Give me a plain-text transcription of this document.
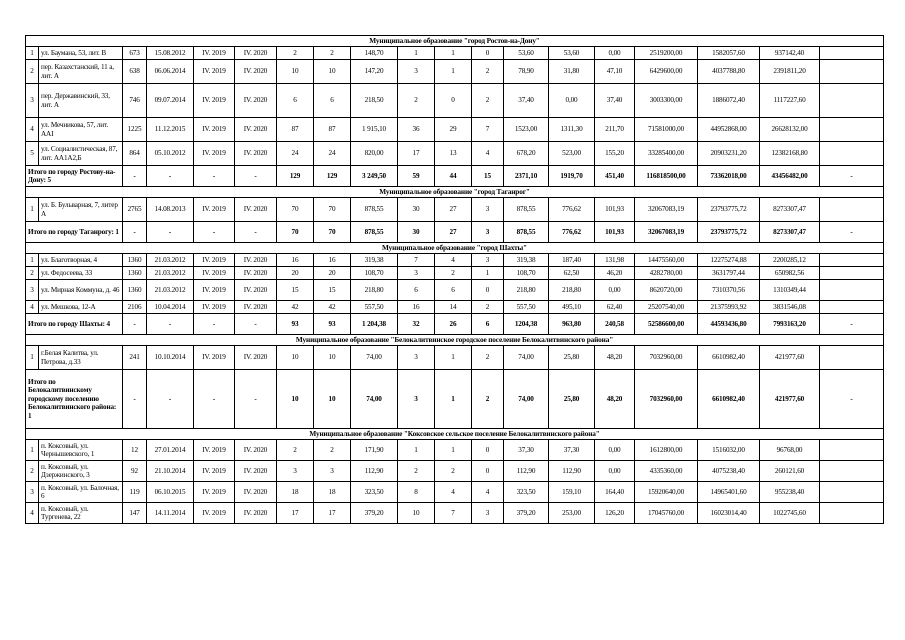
Муниципальное образование "город Ростов-на-Дону"																		
1	ул. Баумана, 53, лит. В	673	15.08.2012	IV. 2019	IV. 2020	2	2	148,70	1	1	0	53,60	53,60	0,00	2519200,00	1582057,60	937142,40	
2	пер. Казахстанский, 11 а, лит. А	638	06.06.2014	IV. 2019	IV. 2020	10	10	147,20	3	1	2	78,90	31,80	47,10	6429600,00	4037788,80	2391811,20	
3	пер. Державинский, 33, лит. А	746	09.07.2014	IV. 2019	IV. 2020	6	6	218,50	2	0	2	37,40	0,00	37,40	3003300,00	1886072,40	1117227,60	
4	ул. Мечникова, 57, лит. ААI	1225	11.12.2015	IV. 2019	IV. 2020	87	87	1 915,10	36	29	7	1523,00	1311,30	211,70	71581000,00	44952868,00	26628132,00	
5	ул. Социалистическая, 87, лит. АА1А2,Б	864	05.10.2012	IV. 2019	IV. 2020	24	24	820,00	17	13	4	678,20	523,00	155,20	33285400,00	20903231,20	12382168,80	
Итого по городу Ростову-на-Дону: 5		-	-	-	-	129	129	3 249,50	59	44	15	2371,10	1919,70	451,40	116818500,00	73362018,00	43456482,00	-
Муниципальное образование "город Таганрог"																		
1	ул. Б. Бульварная, 7, литер А	2765	14.08.2013	IV. 2019	IV. 2020	70	70	878,55	30	27	3	878,55	776,62	101,93	32067083,19	23793775,72	8273307,47	
Итого по городу Таганрогу: 1		-	-	-	-	70	70	878,55	30	27	3	878,55	776,62	101,93	32067083,19	23793775,72	8273307,47	-
Муниципальное образование "город Шахты"																		
1	ул. Благотворная, 4	1360	21.03.2012	IV. 2019	IV. 2020	16	16	319,38	7	4	3	319,38	187,40	131,98	14475560,00	12275274,88	2200285,12	
2	ул. Федосеева, 33	1360	21.03.2012	IV. 2019	IV. 2020	20	20	108,70	3	2	1	108,70	62,50	46,20	4282780,00	3631797,44	650982,56	
3	ул. Мирная Коммуна, д. 46	1360	21.03.2012	IV. 2019	IV. 2020	15	15	218,80	6	6	0	218,80	218,80	0,00	8620720,00	7310370,56	1310349,44	
4	ул. Мешкова, 12-А	2106	10.04.2014	IV. 2019	IV. 2020	42	42	557,50	16	14	2	557,50	495,10	62,40	25207540,00	21375993,92	3831546,08	
Итого по городу Шахты: 4		-	-	-	-	93	93	1 204,38	32	26	6	1204,38	963,80	240,58	52586600,00	44593436,80	7993163,20	-
Муниципальное образование "Белокалитвинское городское поселение Белокалитвинского района"																		
1	г.Белая Калитва, ул. Петрова, д.33	241	10.10.2014	IV. 2019	IV. 2020	10	10	74,00	3	1	2	74,00	25,80	48,20	7032960,00	6610982,40	421977,60	
Итого по Белокалитвинскому городскому поселению Белокалитвинского района: 1		-	-	-	-	10	10	74,00	3	1	2	74,00	25,80	48,20	7032960,00	6610982,40	421977,60	-
Муниципальное образование "Коксовское сельское поселение Белокалитвинского района"																		
1	п. Коксовый, ул. Чернышевского, 1	12	27.01.2014	IV. 2019	IV. 2020	2	2	171,90	1	1	0	37,30	37,30	0,00	1612800,00	1516032,00	96768,00	
2	п. Коксовый, ул. Дзержинского, 3	92	21.10.2014	IV. 2019	IV. 2020	3	3	112,90	2	2	0	112,90	112,90	0,00	4335360,00	4075238,40	260121,60	
3	п. Коксовый, ул. Балочная, 6	119	06.10.2015	IV. 2019	IV. 2020	18	18	323,50	8	4	4	323,50	159,10	164,40	15920640,00	14965401,60	955238,40	
4	п. Коксовый, ул. Тургенева, 22	147	14.11.2014	IV. 2019	IV. 2020	17	17	379,20	10	7	3	379,20	253,00	126,20	17045760,00	16023014,40	1022745,60	
